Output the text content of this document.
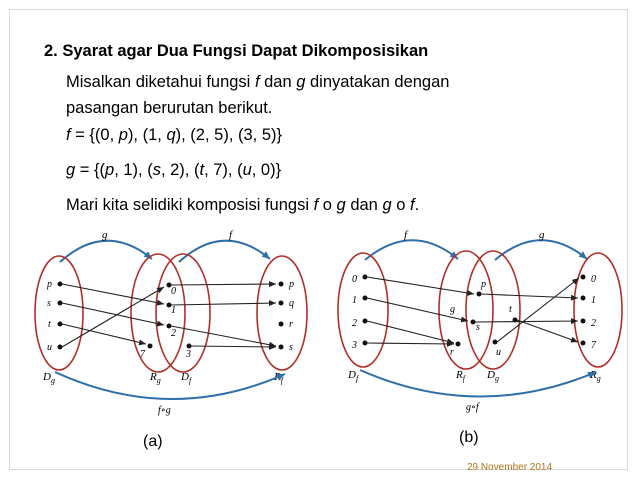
2. Syarat agar Dua Fungsi Dapat Dikomposisikan
Misalkan diketahui fungsi f dan g dinyatakan dengan
pasangan berurutan berikut.
f = {(0, p), (1, q), (2, 5), (3, 5)}
g = {(p, 1), (s, 2), (t, 7), (u, 0)}
Mari kita selidiki komposisi fungsi f o g dan g o f.
g	f
p
s
t
u
0
1
2
7	3
p
q
r
s
$D_g$	$R_g$ $D_f$	$R_f$
f∘g
f	g
0
1
2
3
p
g
s
r	u
t
0
1
2
7
$D_f$	$R_f$ $D_g$	$R_g$
g∘f
(a)	(b)
29 November 2014
